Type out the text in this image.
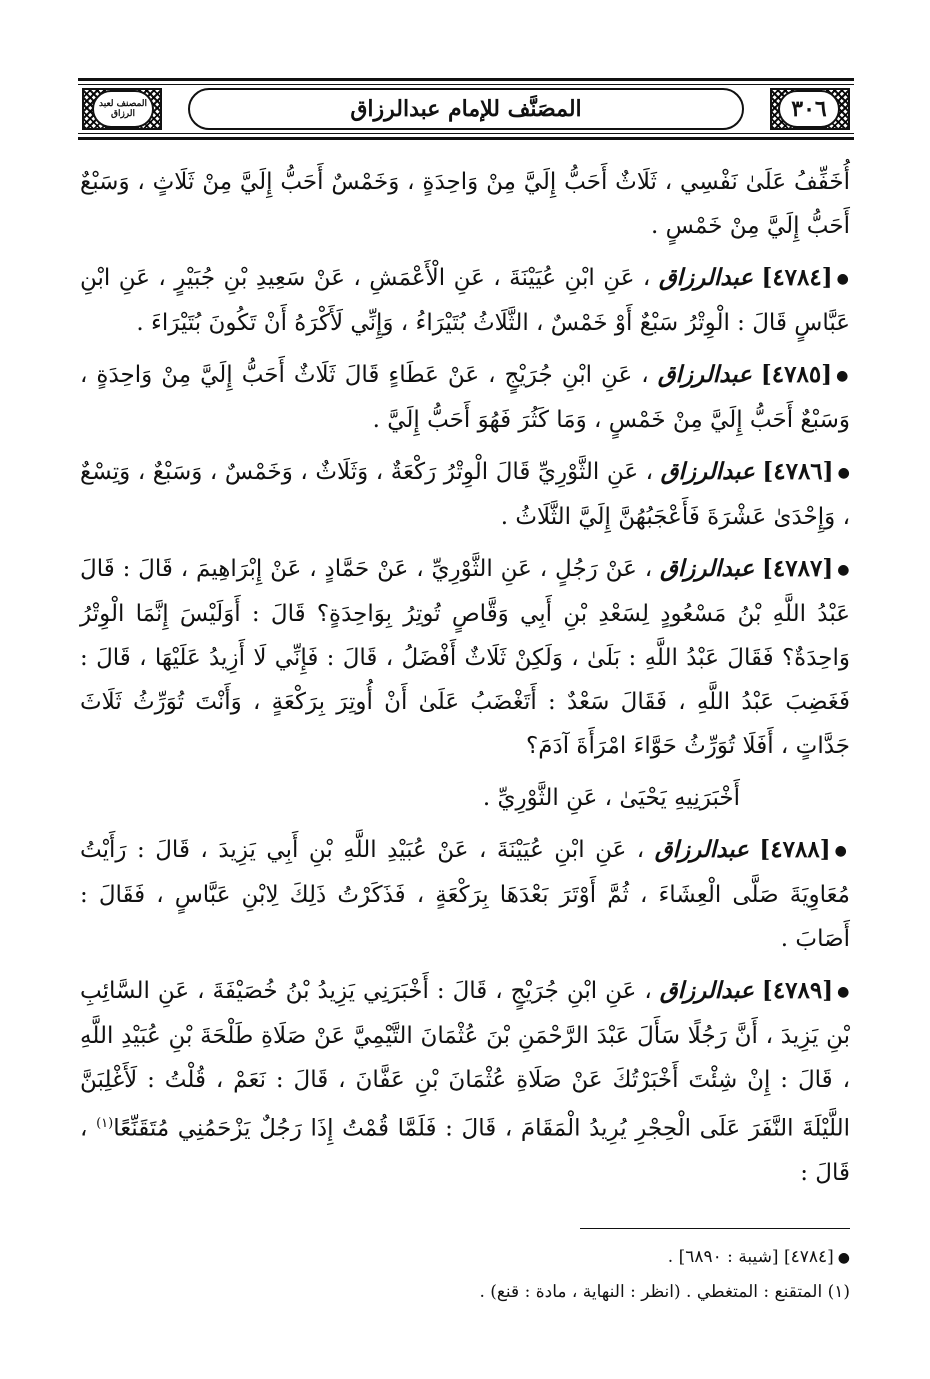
٣٠٦
المصنف لعبد الرزاق	المصَنَّف للإمام عبدالرزاق

أُخَفِّفُ عَلَىٰ نَفْسِي ، ثَلَاثٌ أَحَبُّ إِلَيَّ مِنْ وَاحِدَةٍ ، وَخَمْسٌ أَحَبُّ إِلَيَّ مِنْ ثَلَاثٍ ، وَسَبْعٌ أَحَبُّ إِلَيَّ مِنْ خَمْسٍ .

●[٤٧٨٤] عبدالرزاق ، عَنِ ابْنِ عُيَيْنَةَ ، عَنِ الْأَعْمَشِ ، عَنْ سَعِيدِ بْنِ جُبَيْرٍ ، عَنِ ابْنِ عَبَّاسٍ قَالَ : الْوِتْرُ سَبْعٌ أَوْ خَمْسٌ ، الثَّلَاثُ بُتَيْرَاءُ ، وَإِنِّي لَأَكْرَهُ أَنْ تَكُونَ بُتَيْرَاءَ .

●[٤٧٨٥] عبدالرزاق ، عَنِ ابْنِ جُرَيْجٍ ، عَنْ عَطَاءٍ قَالَ ثَلَاثٌ أَحَبُّ إِلَيَّ مِنْ وَاحِدَةٍ ، وَسَبْعٌ أَحَبُّ إِلَيَّ مِنْ خَمْسٍ ، وَمَا كَثُرَ فَهُوَ أَحَبُّ إِلَيَّ .

●[٤٧٨٦] عبدالرزاق ، عَنِ الثَّوْرِيِّ قَالَ الْوِتْرُ رَكْعَةٌ ، وَثَلَاثٌ ، وَخَمْسٌ ، وَسَبْعٌ ، وَتِسْعٌ ، وَإِحْدَىٰ عَشْرَةَ فَأَعْجَبُهُنَّ إِلَيَّ الثَّلَاثُ .

●[٤٧٨٧] عبدالرزاق ، عَنْ رَجُلٍ ، عَنِ الثَّوْرِيِّ ، عَنْ حَمَّادٍ ، عَنْ إِبْرَاهِيمَ ، قَالَ : قَالَ عَبْدُ اللَّهِ بْنُ مَسْعُودٍ لِسَعْدِ بْنِ أَبِي وَقَّاصٍ تُوتِرُ بِوَاحِدَةٍ؟ قَالَ : أَوَلَيْسَ إِنَّمَا الْوِتْرُ وَاحِدَةٌ؟ فَقَالَ عَبْدُ اللَّهِ : بَلَىٰ ، وَلَكِنْ ثَلَاثٌ أَفْضَلُ ، قَالَ : فَإِنِّي لَا أَزِيدُ عَلَيْهَا ، قَالَ : فَغَضِبَ عَبْدُ اللَّهِ ، فَقَالَ سَعْدٌ : أَتَغْضَبُ عَلَىٰ أَنْ أُوتِرَ بِرَكْعَةٍ ، وَأَنْتَ تُوَرِّثُ ثَلَاثَ جَدَّاتٍ ، أَفَلَا تُوَرِّثُ حَوَّاءَ امْرَأَةَ آدَمَ؟

أَخْبَرَنِيهِ يَحْيَىٰ ، عَنِ الثَّوْرِيِّ .

●[٤٧٨٨] عبدالرزاق ، عَنِ ابْنِ عُيَيْنَةَ ، عَنْ عُبَيْدِ اللَّهِ بْنِ أَبِي يَزِيدَ ، قَالَ : رَأَيْتُ مُعَاوِيَةَ صَلَّى الْعِشَاءَ ، ثُمَّ أَوْتَرَ بَعْدَهَا بِرَكْعَةٍ ، فَذَكَرْتُ ذَلِكَ لِابْنِ عَبَّاسٍ ، فَقَالَ : أَصَابَ .

●[٤٧٨٩] عبدالرزاق ، عَنِ ابْنِ جُرَيْجٍ ، قَالَ : أَخْبَرَنِي يَزِيدُ بْنُ خُصَيْفَةَ ، عَنِ السَّائِبِ بْنِ يَزِيدَ ، أَنَّ رَجُلًا سَأَلَ عَبْدَ الرَّحْمَنِ بْنَ عُثْمَانَ التَّيْمِيَّ عَنْ صَلَاةِ طَلْحَةَ بْنِ عُبَيْدِ اللَّهِ ، قَالَ : إِنْ شِئْتَ أَخْبَرْتُكَ عَنْ صَلَاةِ عُثْمَانَ بْنِ عَفَّانَ ، قَالَ : نَعَمْ ، قُلْتُ : لَأَغْلِبَنَّ اللَّيْلَةَ النَّفَرَ عَلَى الْحِجْرِ يُرِيدُ الْمَقَامَ ، قَالَ : فَلَمَّا قُمْتُ إِذَا رَجُلٌ يَزْحَمُنِي مُتَقَنِّعًا$^{(١)}$ ، قَالَ :

●[٤٧٨٤] [شيبة : ٦٨٩٠] .
(١) المتقنع : المتغطي . (انظر : النهاية ، مادة : قنع) .
